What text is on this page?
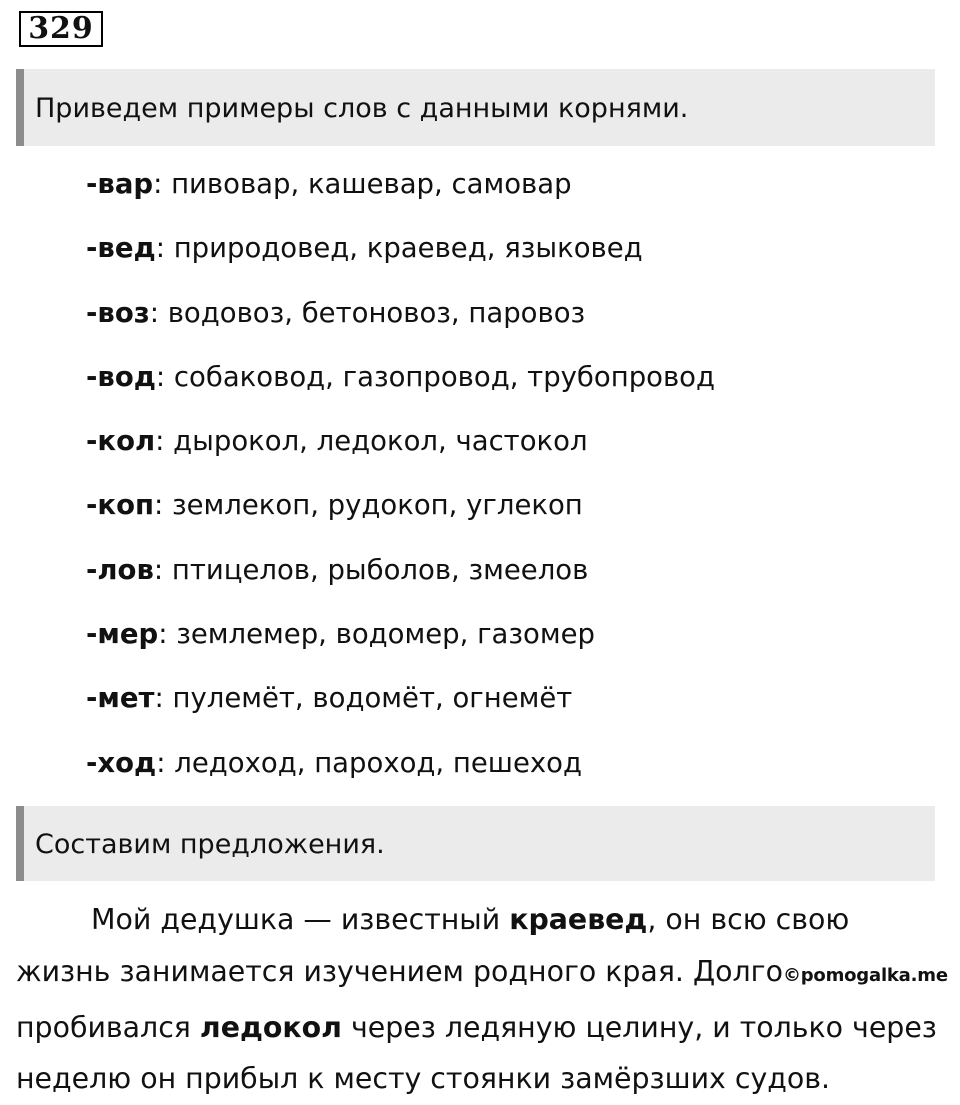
329
Приведем примеры слов с данными корнями.
-вар: пивовар, кашевар, самовар
-вед: природовед, краевед, языковед
-воз: водовоз, бетоновоз, паровоз
-вод: собаковод, газопровод, трубопровод
-кол: дырокол, ледокол, частокол
-коп: землекоп, рудокоп, углекоп
-лов: птицелов, рыболов, змеелов
-мер: землемер, водомер, газомер
-мет: пулемёт, водомёт, огнемёт
-ход: ледоход, пароход, пешеход
Составим предложения.

Мой дедушка — известный краевед, он всю свою
жизнь занимается изучением родного края. Долго©pomogalka.me
пробивался ледокол через ледяную целину, и только через
неделю он прибыл к месту стоянки замёрзших судов.
